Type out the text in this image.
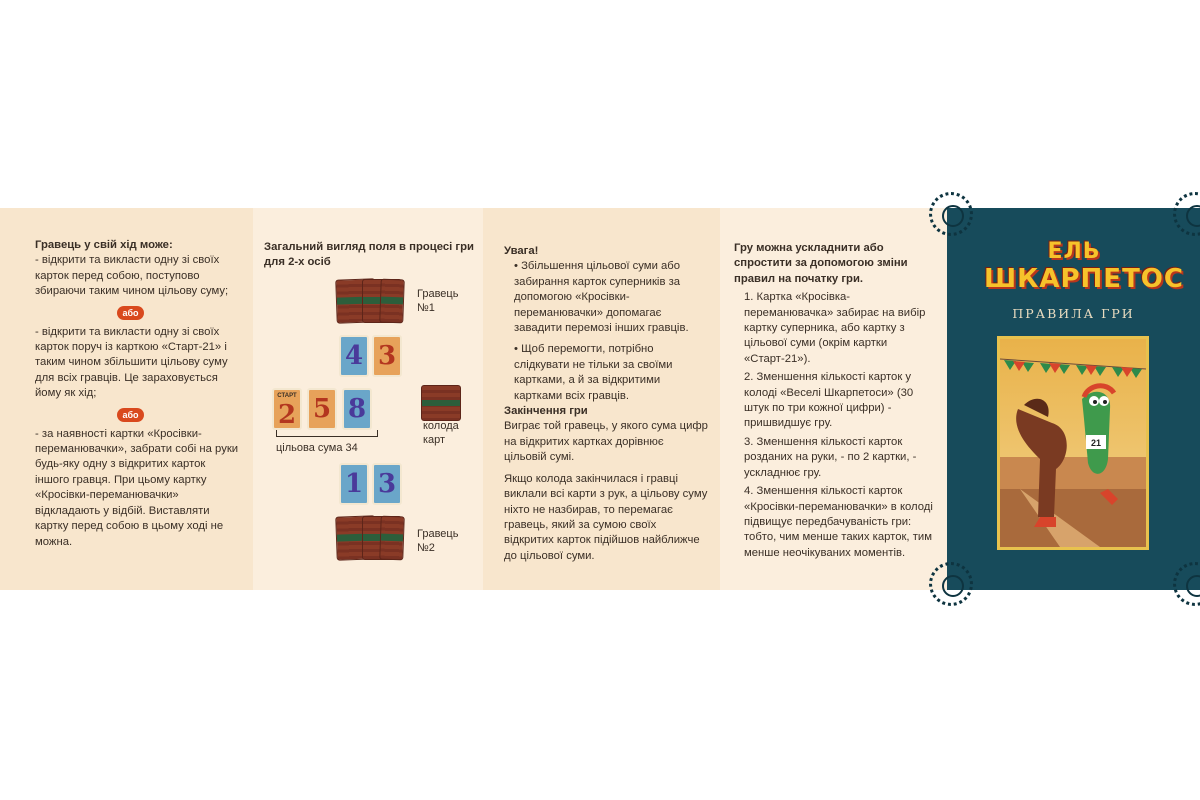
Гравець у свій хід може:

- відкрити та викласти одну зі своїх карток перед собою, поступово збираючи таким чином цільову суму;

або

- відкрити та викласти одну зі своїх карток поруч із карткою «Старт-21» і таким чином збільшити цільову суму для всіх гравців. Це зараховується йому як хід;

або

- за наявності картки «Кросівки-переманювачки», забрати собі на руки будь-яку одну з відкритих карток іншого гравця. При цьому картку «Кросівки-переманювачки» відкладають у відбій. Виставляти картку перед собою в цьому ході не можна.

Загальний вигляд поля в процесі гри для 2-х осіб

Увага!

• Збільшення цільової суми або забирання карток суперників за допомогою «Кросівки-переманювачки» допомагає завадити перемозі інших гравців.

• Щоб перемогти, потрібно слідкувати не тільки за своїми картками, а й за відкритими картками всіх гравців.

Закінчення гри

Виграє той гравець, у якого сума цифр на відкритих картках дорівнює цільовій сумі.

Якщо колода закінчилася і гравці виклали всі карти з рук, а цільову суму ніхто не назбирав, то перемагає гравець, який за сумою своїх відкритих карток підійшов найближче до цільової суми.

Гру можна ускладнити або спростити за допомогою зміни правил на початку гри.

1. Картка «Кросівка-переманювачка» забирає на вибір картку суперника, або картку з цільової суми (окрім картки «Старт-21»).

2. Зменшення кількості карток у колоді «Веселі Шкарпетоси» (30 штук по три кожної цифри) - пришвидшує гру.

3. Зменшення кількості карток розданих на руки, - по 2 картки, - ускладнює гру.

4. Зменшення кількості карток «Кросівки-переманювачки» в колоді підвищує передбачуваність гри: тобто, чим менше таких карток, тим менше неочікуваних моментів.

ЕЛЬ
ШКАРПЕТОС
ПРАВИЛА ГРИ
21
Гравець №1
4 3
СТАРТ
2 5 8
цільова сума 34
колода карт
1 3
Гравець №2
